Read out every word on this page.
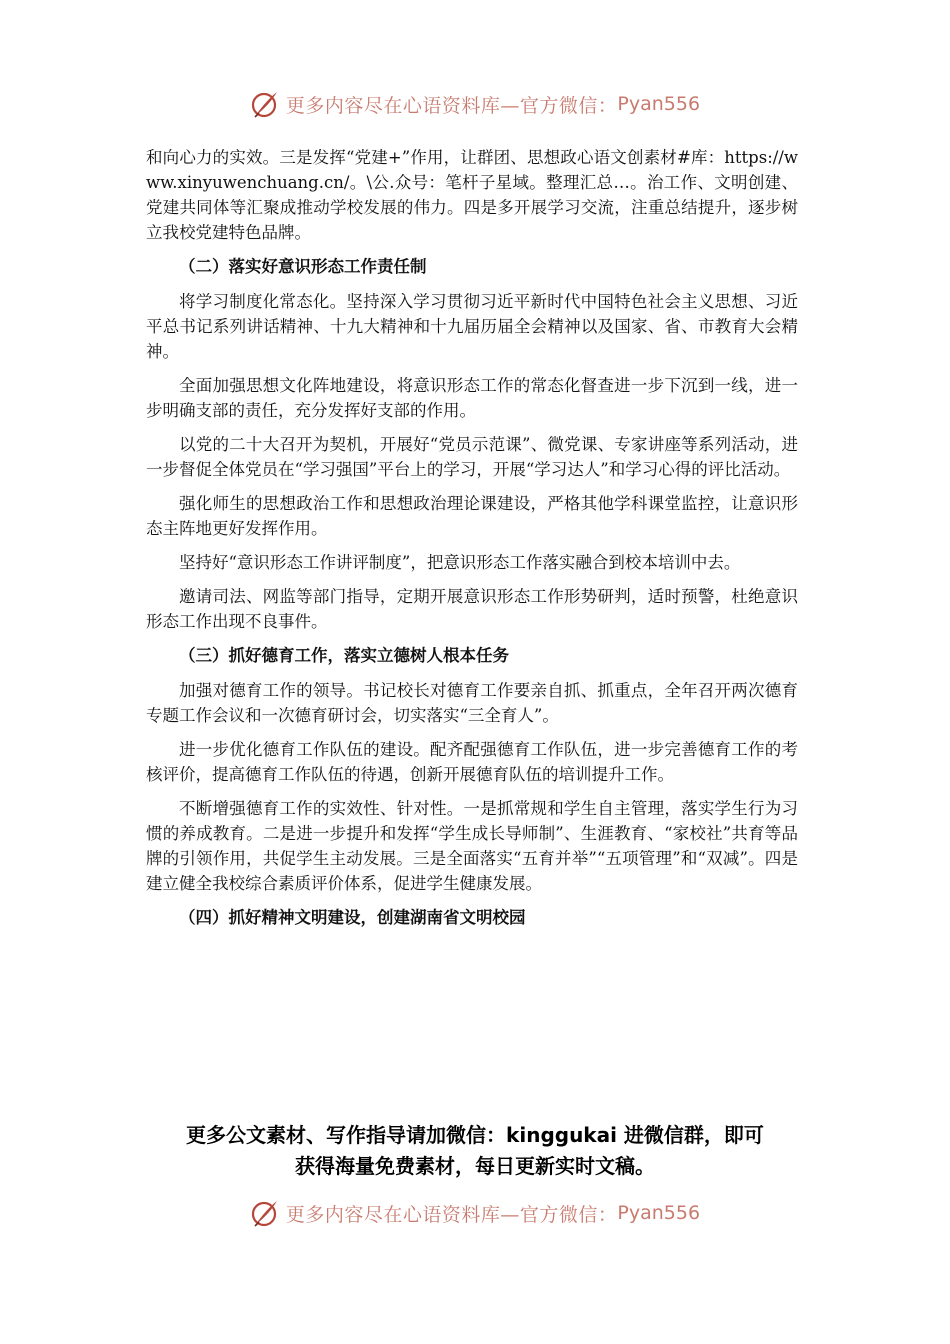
更多内容尽在心语资料库—官方微信： Pyan556

和向心力的实效。三是发挥“党建+”作用，让群团、思想政心语文创素材#库：https://www.xinyuwenchuang.cn/。\公.众号：笔杆子星域。整理汇总…。治工作、文明创建、党建共同体等汇聚成推动学校发展的伟力。四是多开展学习交流，注重总结提升，逐步树立我校党建特色品牌。

（二）落实好意识形态工作责任制

将学习制度化常态化。坚持深入学习贯彻习近平新时代中国特色社会主义思想、习近平总书记系列讲话精神、十九大精神和十九届历届全会精神以及国家、省、市教育大会精神。

全面加强思想文化阵地建设，将意识形态工作的常态化督查进一步下沉到一线，进一步明确支部的责任，充分发挥好支部的作用。

以党的二十大召开为契机，开展好“党员示范课”、微党课、专家讲座等系列活动，进一步督促全体党员在“学习强国”平台上的学习，开展“学习达人”和学习心得的评比活动。

强化师生的思想政治工作和思想政治理论课建设，严格其他学科课堂监控，让意识形态主阵地更好发挥作用。

坚持好“意识形态工作讲评制度”，把意识形态工作落实融合到校本培训中去。

邀请司法、网监等部门指导，定期开展意识形态工作形势研判，适时预警，杜绝意识形态工作出现不良事件。

（三）抓好德育工作，落实立德树人根本任务

加强对德育工作的领导。书记校长对德育工作要亲自抓、抓重点，全年召开两次德育专题工作会议和一次德育研讨会，切实落实“三全育人”。

进一步优化德育工作队伍的建设。配齐配强德育工作队伍，进一步完善德育工作的考核评价，提高德育工作队伍的待遇，创新开展德育队伍的培训提升工作。

不断增强德育工作的实效性、针对性。一是抓常规和学生自主管理，落实学生行为习惯的养成教育。二是进一步提升和发挥“学生成长导师制”、生涯教育、“家校社”共育等品牌的引领作用，共促学生主动发展。三是全面落实“五育并举”“五项管理”和“双减”。四是建立健全我校综合素质评价体系，促进学生健康发展。

（四）抓好精神文明建设，创建湖南省文明校园
更多公文素材、写作指导请加微信：kinggukai 进微信群，即可
获得海量免费素材，每日更新实时文稿。
更多内容尽在心语资料库—官方微信： Pyan556
